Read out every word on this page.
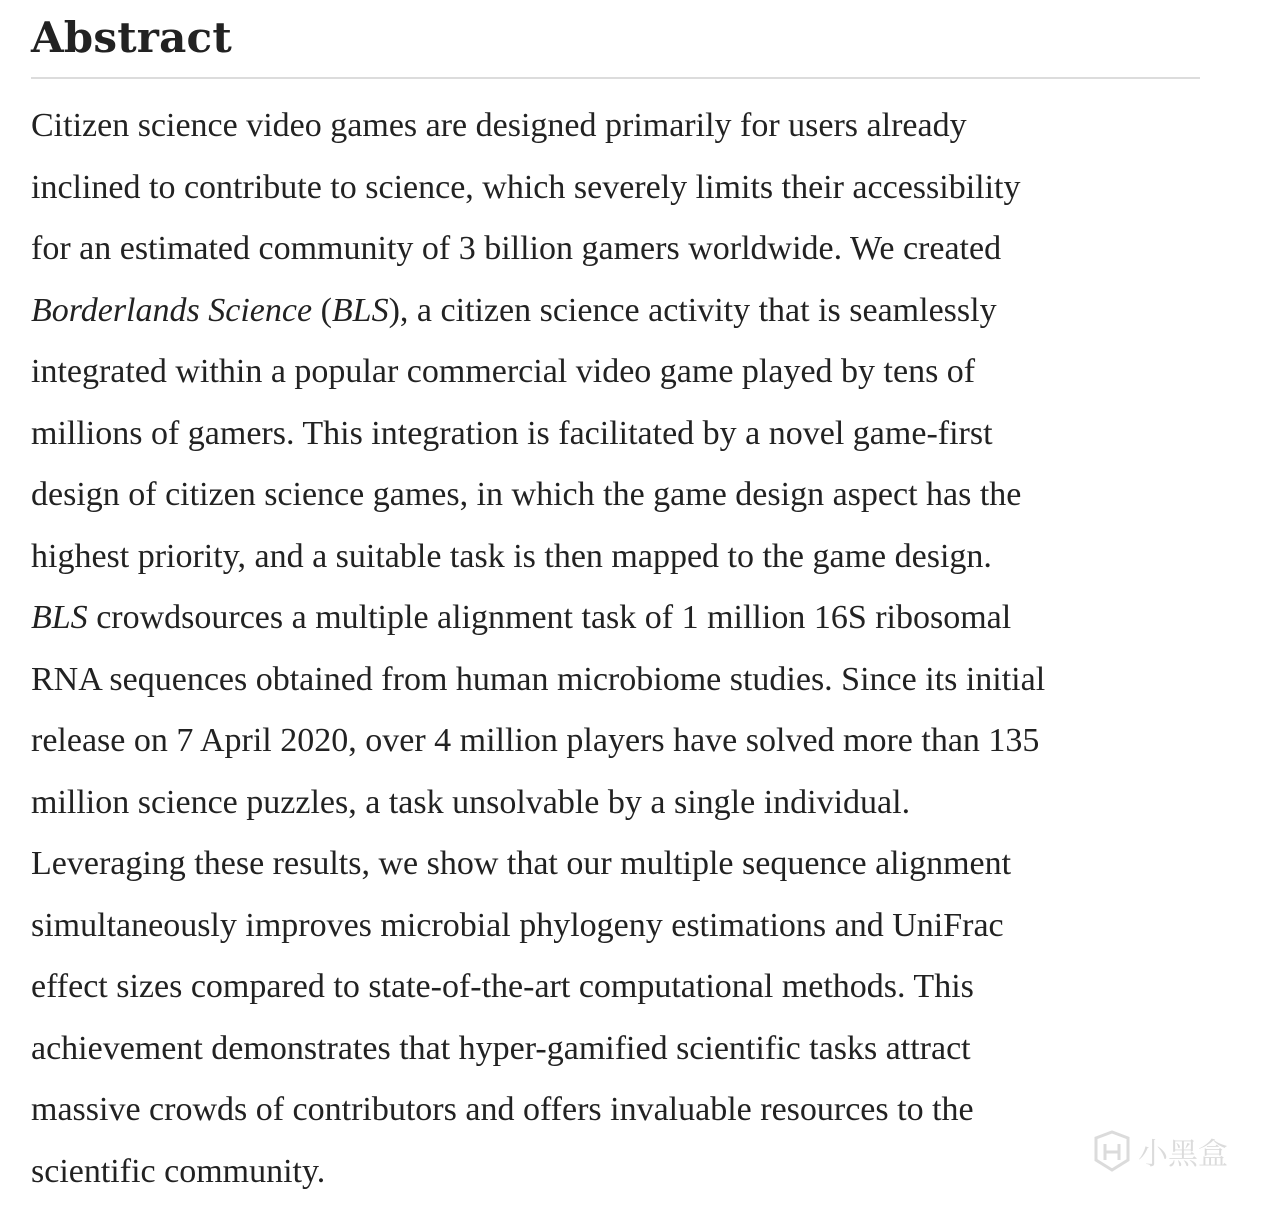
Abstract

Citizen science video games are designed primarily for users already
inclined to contribute to science, which severely limits their accessibility
for an estimated community of 3 billion gamers worldwide. We created
Borderlands Science (BLS), a citizen science activity that is seamlessly
integrated within a popular commercial video game played by tens of
millions of gamers. This integration is facilitated by a novel game-first
design of citizen science games, in which the game design aspect has the
highest priority, and a suitable task is then mapped to the game design.
BLS crowdsources a multiple alignment task of 1 million 16S ribosomal
RNA sequences obtained from human microbiome studies. Since its initial
release on 7 April 2020, over 4 million players have solved more than 135
million science puzzles, a task unsolvable by a single individual.
Leveraging these results, we show that our multiple sequence alignment
simultaneously improves microbial phylogeny estimations and UniFrac
effect sizes compared to state-of-the-art computational methods. This
achievement demonstrates that hyper-gamified scientific tasks attract
massive crowds of contributors and offers invaluable resources to the
scientific community.	小黑盒
